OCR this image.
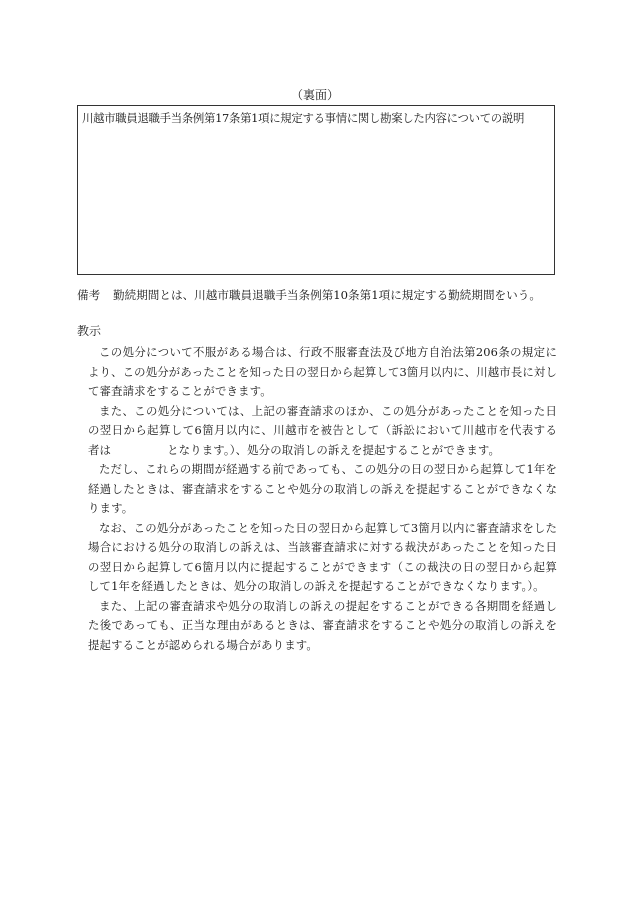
（裏面）
川越市職員退職手当条例第17条第1項に規定する事情に関し勘案した内容についての説明
備考 勤続期間とは、川越市職員退職手当条例第10条第1項に規定する勤続期間をいう。
教示

この処分について不服がある場合は、行政不服審査法及び地方自治法第206条の規定により、この処分があったことを知った日の翌日から起算して3箇月以内に、川越市長に対して審査請求をすることができます。

また、この処分については、上記の審査請求のほか、この処分があったことを知った日の翌日から起算して6箇月以内に、川越市を被告として（訴訟において川越市を代表する者は	となります。）、処分の取消しの訴えを提起することができます。

ただし、これらの期間が経過する前であっても、この処分の日の翌日から起算して1年を経過したときは、審査請求をすることや処分の取消しの訴えを提起することができなくなります。

なお、この処分があったことを知った日の翌日から起算して3箇月以内に審査請求をした場合における処分の取消しの訴えは、当該審査請求に対する裁決があったことを知った日の翌日から起算して6箇月以内に提起することができます（この裁決の日の翌日から起算して1年を経過したときは、処分の取消しの訴えを提起することができなくなります。）。

また、上記の審査請求や処分の取消しの訴えの提起をすることができる各期間を経過した後であっても、正当な理由があるときは、審査請求をすることや処分の取消しの訴えを提起することが認められる場合があります。
